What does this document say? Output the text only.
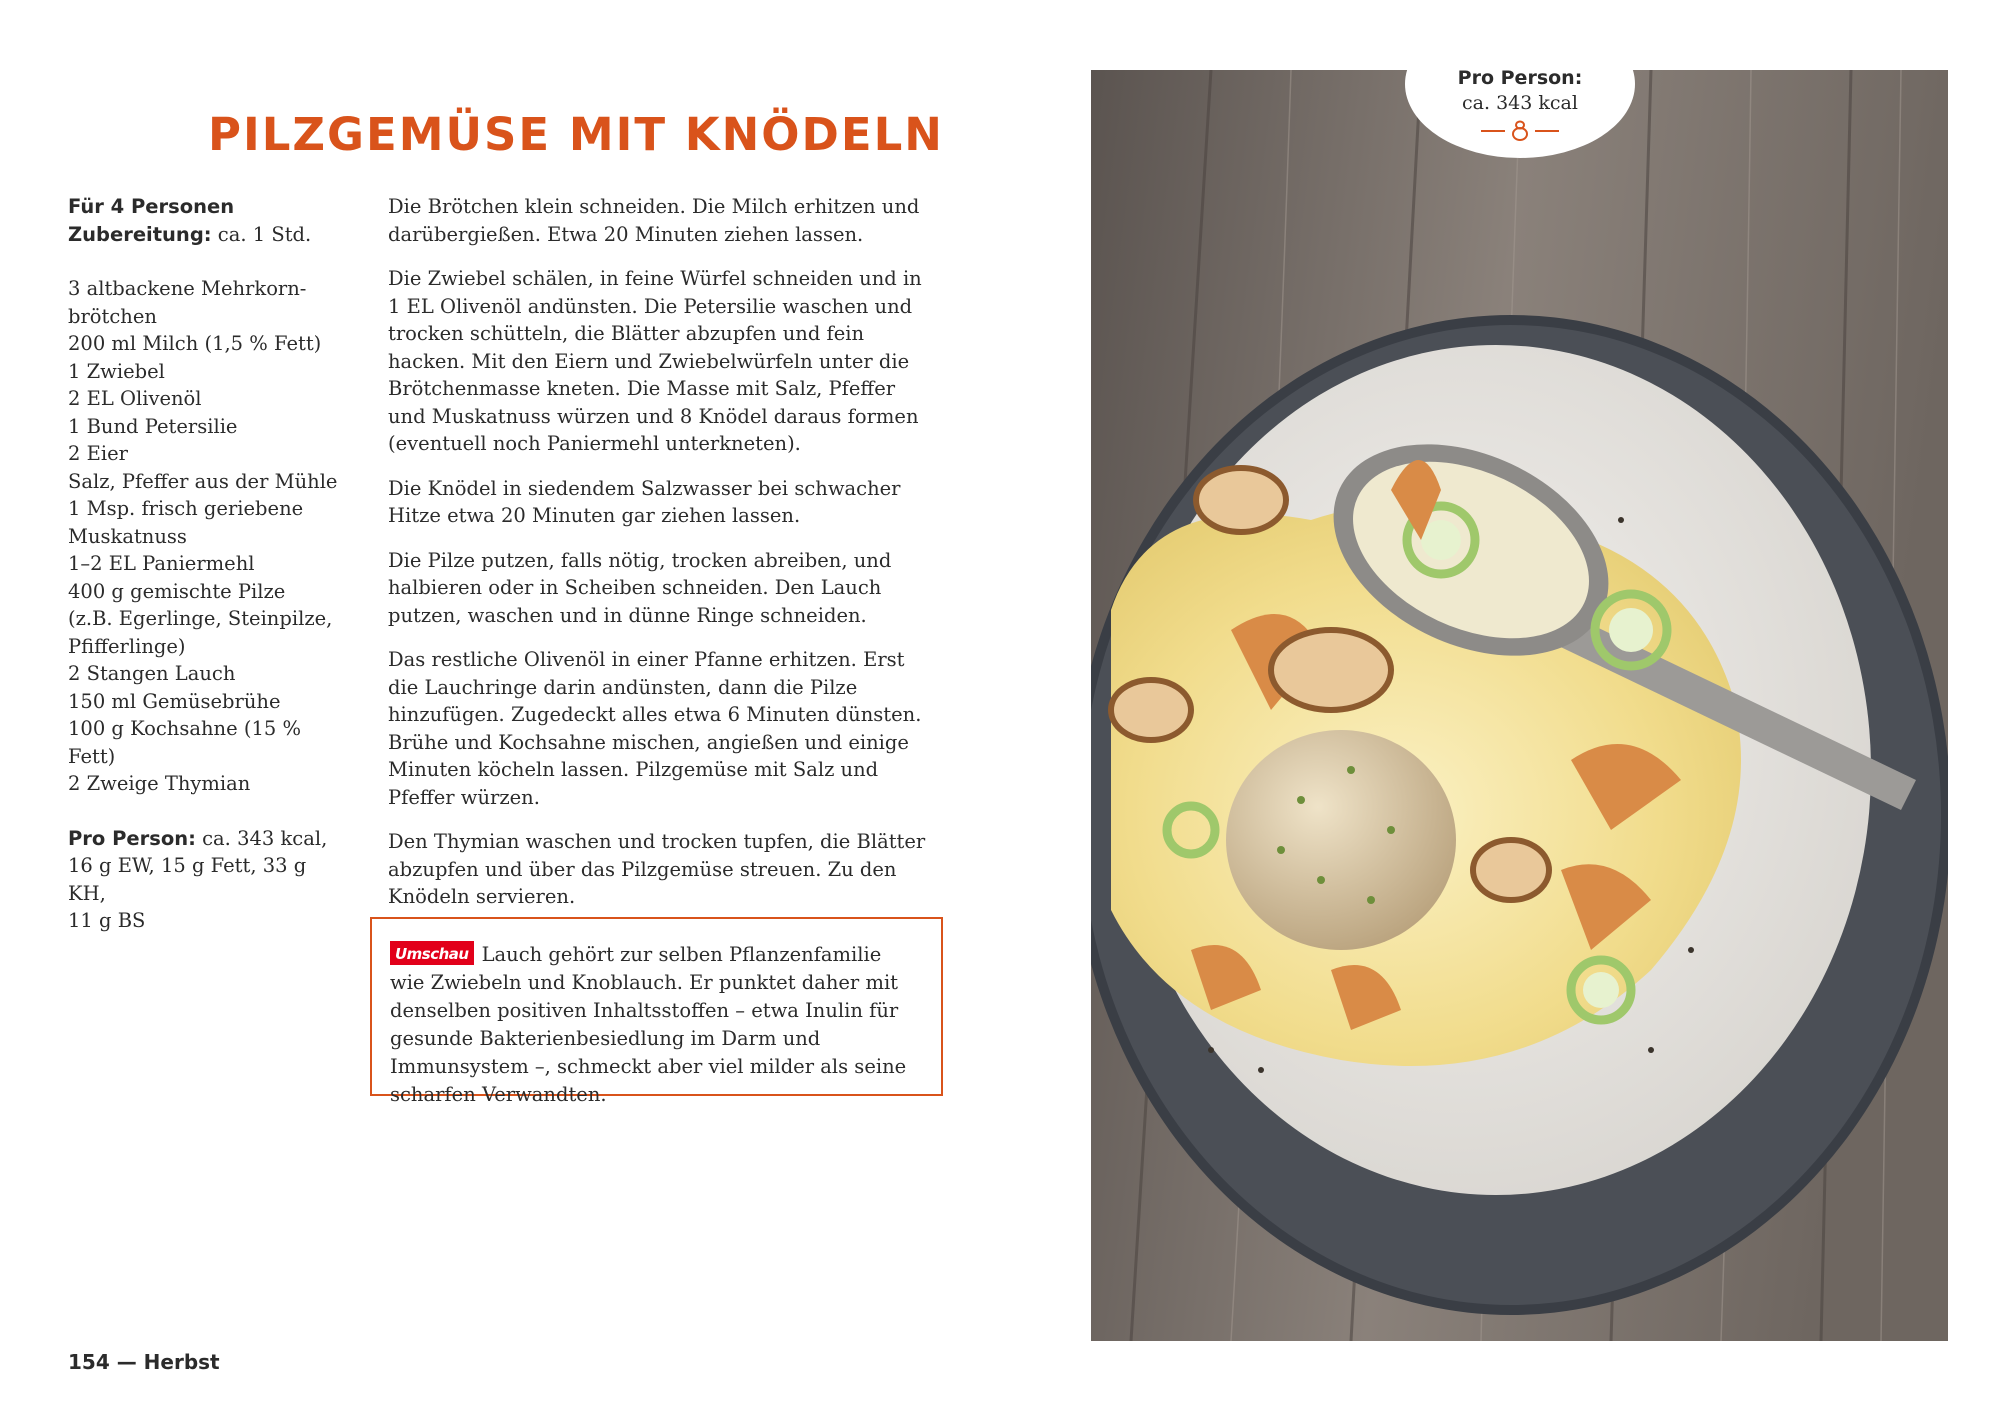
PILZGEMÜSE MIT KNÖDELN

Für 4 Personen

Zubereitung: ca. 1 Std.

3 altbackene Mehrkorn-
brötchen
200 ml Milch (1,5 % Fett)
1 Zwiebel
2 EL Olivenöl
1 Bund Petersilie
2 Eier
Salz, Pfeffer aus der Mühle
1 Msp. frisch geriebene
Muskatnuss
1–2 EL Paniermehl
400 g gemischte Pilze
(z.B. Egerlinge, Steinpilze,
Pfifferlinge)
2 Stangen Lauch
150 ml Gemüsebrühe
100 g Kochsahne (15 % Fett)
2 Zweige Thymian

Pro Person: ca. 343 kcal,

16 g EW, 15 g Fett, 33 g KH,

11 g BS

Die Brötchen klein schneiden. Die Milch erhitzen und darübergießen. Etwa 20 Minuten ziehen lassen.

Die Zwiebel schälen, in feine Würfel schneiden und in 1 EL Olivenöl andünsten. Die Petersilie waschen und trocken schütteln, die Blätter abzupfen und fein hacken. Mit den Eiern und Zwiebelwürfeln unter die Brötchenmasse kneten. Die Masse mit Salz, Pfeffer und Muskatnuss würzen und 8 Knödel daraus formen (eventuell noch Paniermehl unterkneten).

Die Knödel in siedendem Salzwasser bei schwacher Hitze etwa 20 Minuten gar ziehen lassen.

Die Pilze putzen, falls nötig, trocken abreiben, und halbieren oder in Scheiben schneiden. Den Lauch putzen, waschen und in dünne Ringe schneiden.

Das restliche Olivenöl in einer Pfanne erhitzen. Erst die Lauchringe darin andünsten, dann die Pilze hinzufügen. Zugedeckt alles etwa 6 Minuten dünsten. Brühe und Kochsahne mischen, angießen und einige Minuten köcheln lassen. Pilzgemüse mit Salz und Pfeffer würzen.

Den Thymian waschen und trocken tupfen, die Blätter abzupfen und über das Pilzgemüse streuen. Zu den Knödeln servieren.

Umschau Lauch gehört zur selben Pflanzenfamilie wie Zwiebeln und Knoblauch. Er punktet daher mit denselben positiven Inhaltsstoffen – etwa Inulin für gesunde Bakterienbesiedlung im Darm und Immunsystem –, schmeckt aber viel milder als seine scharfen Verwandten.
154 — Herbst
Pro Person:
ca. 343 kcal
